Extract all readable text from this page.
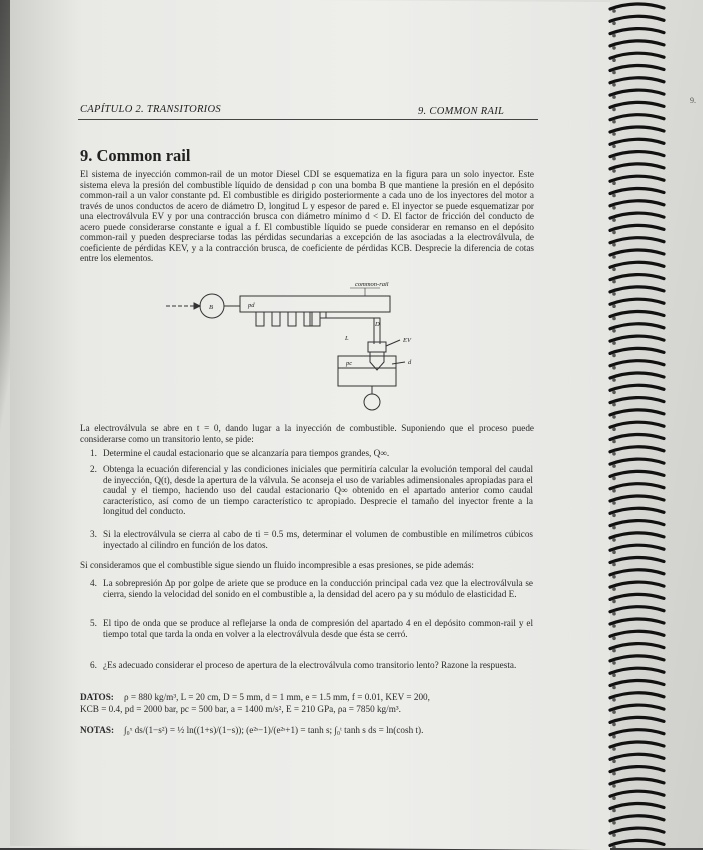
CAPÍTULO 2. TRANSITORIOS	9. COMMON RAIL
9.
9. Common rail
El sistema de inyección common-rail de un motor Diesel CDI se esquematiza en la figura para un solo inyector. Este sistema eleva la presión del combustible líquido de densidad ρ con una bomba B que mantiene la presión en el depósito common-rail a un valor constante pd. El combustible es dirigido posteriormente a cada uno de los inyectores del motor a través de unos conductos de acero de diámetro D, longitud L y espesor de pared e. El inyector se puede esquematizar por una electroválvula EV y por una contracción brusca con diámetro mínimo d < D. El factor de fricción del conducto de acero puede considerarse constante e igual a f. El combustible líquido se puede considerar en remanso en el depósito common-rail y pueden despreciarse todas las pérdidas secundarias a excepción de las asociadas a la electroválvula, de coeficiente de pérdidas KEV, y a la contracción brusca, de coeficiente de pérdidas KCB. Desprecie la diferencia de cotas entre los elementos.
common-rail
B	pd
D
L	EV
d
pc
La electroválvula se abre en t = 0, dando lugar a la inyección de combustible. Suponiendo que el proceso puede considerarse como un transitorio lento, se pide:
1. Determine el caudal estacionario que se alcanzaría para tiempos grandes, Q∞.
2. Obtenga la ecuación diferencial y las condiciones iniciales que permitiría calcular la evolución temporal del caudal de inyección, Q(t), desde la apertura de la válvula. Se aconseja el uso de variables adimensionales apropiadas para el caudal y el tiempo, haciendo uso del caudal estacionario Q∞ obtenido en el apartado anterior como caudal característico, así como de un tiempo característico tc apropiado. Desprecie el tamaño del inyector frente a la longitud del conducto.
3. Si la electroválvula se cierra al cabo de ti = 0.5 ms, determinar el volumen de combustible en milímetros cúbicos inyectado al cilindro en función de los datos.
Si consideramos que el combustible sigue siendo un fluido incompresible a esas presiones, se pide además:
4. La sobrepresión Δp por golpe de ariete que se produce en la conducción principal cada vez que la electroválvula se cierra, siendo la velocidad del sonido en el combustible a, la densidad del acero ρa y su módulo de elasticidad E.
5. El tipo de onda que se produce al reflejarse la onda de compresión del apartado 4 en el depósito common-rail y el tiempo total que tarda la onda en volver a la electroválvula desde que ésta se cerró.
6. ¿Es adecuado considerar el proceso de apertura de la electroválvula como transitorio lento? Razone la respuesta.
DATOS: ρ = 880 kg/m³, L = 20 cm, D = 5 mm, d = 1 mm, e = 1.5 mm, f = 0.01, KEV = 200,
KCB = 0.4, pd = 2000 bar, pc = 500 bar, a = 1400 m/s², E = 210 GPa, ρa = 7850 kg/m³.
NOTAS: ∫₀ˣ ds/(1−s²) = ½ ln((1+s)/(1−s)); (e²ˢ−1)/(e²ˢ+1) = tanh s; ∫₀ᵗ tanh s ds = ln(cosh t).
